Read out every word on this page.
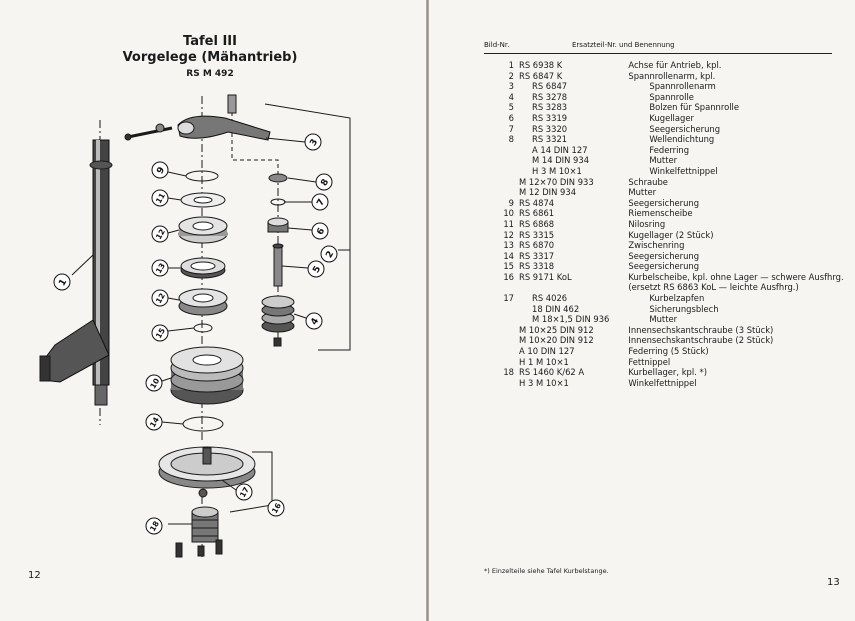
Tafel III
Vorgelege (Mähantrieb)
RS M 492
1
2
3
4
5
6
7
8
9
10
11
12
12
13
14
15
16
17
18
12
Bild-Nr.	Ersatzteil-Nr. und Benennung
1	RS 6938 K	Achse für Antrieb, kpl.
2	RS 6847 K	Spannrollenarm, kpl.
3	RS 6847	Spannrollenarm
4	RS 3278	Spannrolle
5	RS 3283	Bolzen für Spannrolle
6	RS 3319	Kugellager
7	RS 3320	Seegersicherung
8	RS 3321	Wellendichtung
	A 14 DIN 127	Federring
	M 14 DIN 934	Mutter
	H 3 M 10×1	Winkelfettnippel
	M 12×70 DIN 933	Schraube
	M 12 DIN 934	Mutter
9	RS 4874	Seegersicherung
10	RS 6861	Riemenscheibe
11	RS 6868	Nilosring
12	RS 3315	Kugellager (2 Stück)
13	RS 6870	Zwischenring
14	RS 3317	Seegersicherung
15	RS 3318	Seegersicherung
16	RS 9171 KoL	Kurbelscheibe, kpl. ohne Lager — schwere Ausfhrg.
		(ersetzt RS 6863 KoL — leichte Ausfhrg.)
17	RS 4026	Kurbelzapfen
	18 DIN 462	Sicherungsblech
	M 18×1,5 DIN 936	Mutter
	M 10×25 DIN 912	Innensechskantschraube (3 Stück)
	M 10×20 DIN 912	Innensechskantschraube (2 Stück)
	A 10 DIN 127	Federring (5 Stück)
	H 1 M 10×1	Fettnippel
18	RS 1460 K/62 A	Kurbellager, kpl. *)
	H 3 M 10×1	Winkelfettnippel
*) Einzelteile siehe Tafel Kurbelstange.
13
